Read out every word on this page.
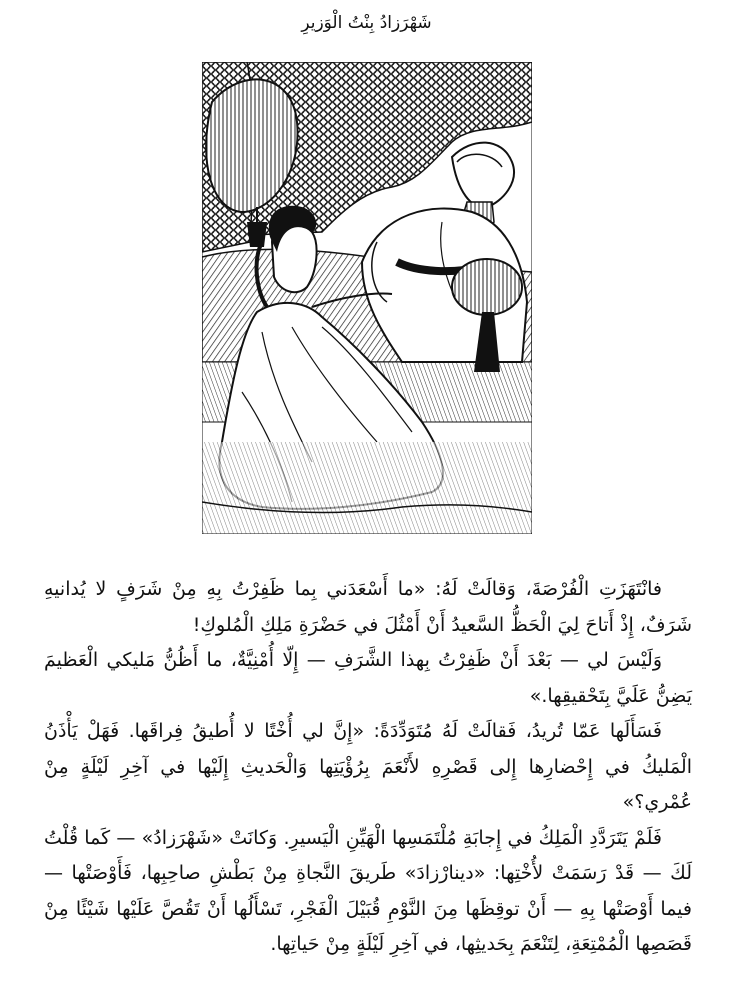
شَهْرَزادُ بِنْتُ الْوَزيرِ

فانْتَهَزَتِ الْفُرْصَةَ، وَقالَتْ لَهُ: «ما أَسْعَدَني بِما ظَفِرْتُ بِهِ مِنْ شَرَفٍ لا يُدانيهِ شَرَفٌ، إِذْ أَتاحَ لِيَ الْحَظُّ السَّعيدُ أَنْ أَمْثُلَ في حَضْرَةِ مَلِكِ الْمُلوكِ!

وَلَيْسَ لي — بَعْدَ أَنْ ظَفِرْتُ بِهذا الشَّرَفِ — إِلّا أُمْنِيَّةٌ، ما أَظُنُّ مَليكي الْعَظيمَ يَضِنُّ عَلَيَّ بِتَحْقيقِها.»

فَسَأَلَها عَمّا تُريدُ، فَقالَتْ لَهُ مُتَوَدِّدَةً: «إِنَّ لي أُخْتًا لا أُطيقُ فِراقَها. فَهَلْ يَأْذَنُ الْمَليكُ في إِحْضارِها إِلى قَصْرِهِ لأَنْعَمَ بِرُؤْيَتِها وَالْحَديثِ إِلَيْها في آخِرِ لَيْلَةٍ مِنْ عُمْري؟»

فَلَمْ يَتَرَدَّدِ الْمَلِكُ في إِجابَةِ مُلْتَمَسِها الْهَيِّنِ الْيَسيرِ. وَكانَتْ «شَهْرَزادُ» — كَما قُلْتُ لَكَ — قَدْ رَسَمَتْ لأُخْتِها: «دينارْزادَ» طَريقَ النَّجاةِ مِنْ بَطْشِ صاحِبِها، فَأَوْصَتْها — فيما أَوْصَتْها بِهِ — أَنْ توقِظَها مِنَ النَّوْمِ قُبَيْلَ الْفَجْرِ، تَسْأَلُها أَنْ تَقُصَّ عَلَيْها شَيْئًا مِنْ قَصَصِها الْمُمْتِعَةِ، لِتَنْعَمَ بِحَديثِها، في آخِرِ لَيْلَةٍ مِنْ حَياتِها.
